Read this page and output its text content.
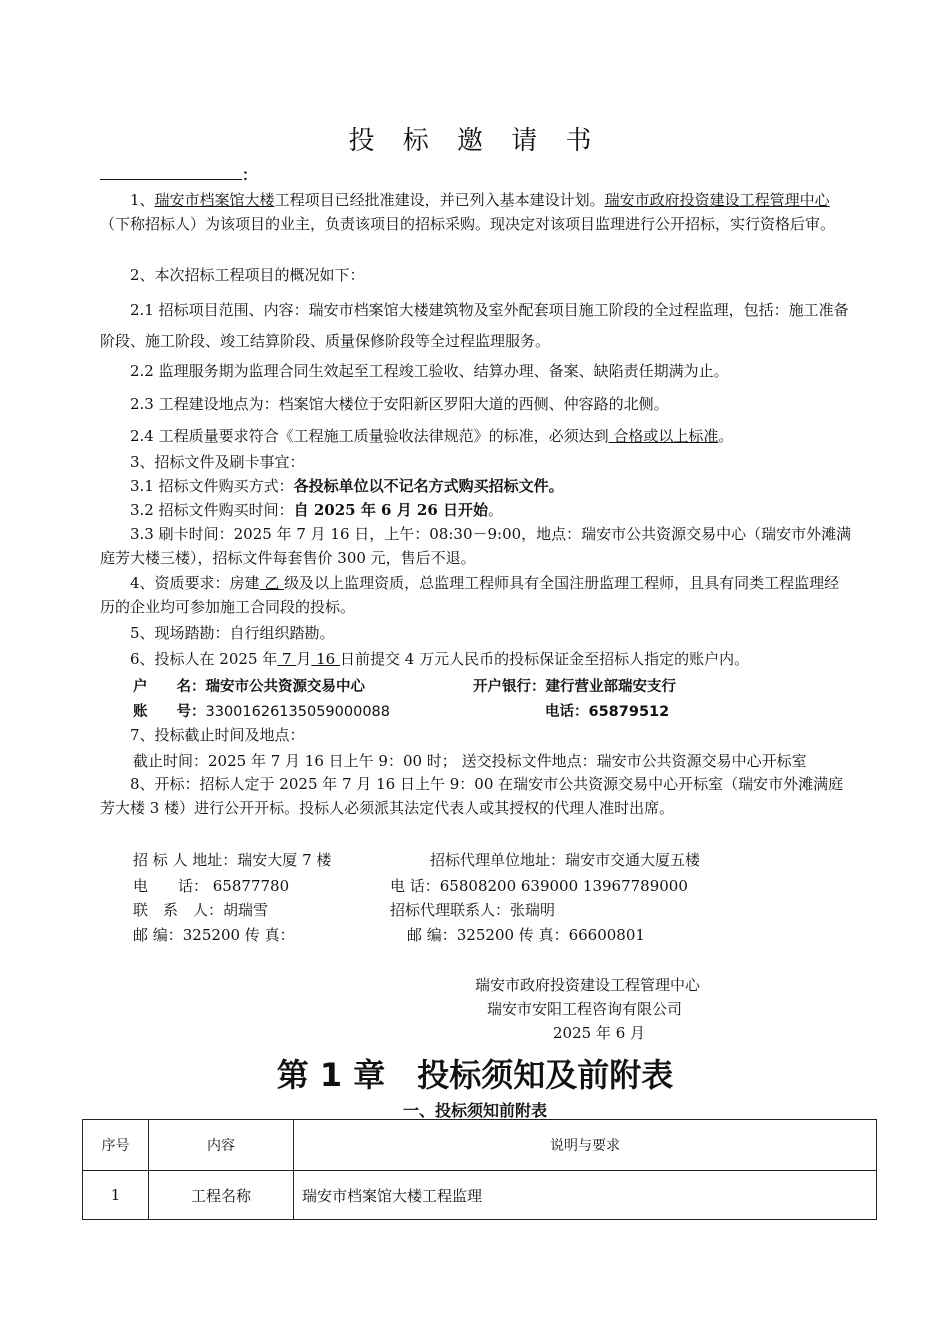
投 标 邀 请 书
：
1、瑞安市档案馆大楼工程项目已经批准建设，并已列入基本建设计划。瑞安市政府投资建设工程管理中心（下称招标人）为该项目的业主，负责该项目的招标采购。现决定对该项目监理进行公开招标，实行资格后审。
2、本次招标工程项目的概况如下：
2.1 招标项目范围、内容：瑞安市档案馆大楼建筑物及室外配套项目施工阶段的全过程监理，包括：施工准备阶段、施工阶段、竣工结算阶段、质量保修阶段等全过程监理服务。
2.2 监理服务期为监理合同生效起至工程竣工验收、结算办理、备案、缺陷责任期满为止。
2.3 工程建设地点为：档案馆大楼位于安阳新区罗阳大道的西侧、仲容路的北侧。
2.4 工程质量要求符合《工程施工质量验收法律规范》的标准，必须达到 合格或以上标准。
3、招标文件及刷卡事宜：
3.1 招标文件购买方式：各投标单位以不记名方式购买招标文件。
3.2 招标文件购买时间：自 2025 年 6 月 26 日开始。
3.3 刷卡时间：2025 年 7 月 16 日，上午：08:30－9:00，地点：瑞安市公共资源交易中心（瑞安市外滩满庭芳大楼三楼），招标文件每套售价 300 元，售后不退。
4、资质要求：房建 乙 级及以上监理资质，总监理工程师具有全国注册监理工程师，且具有同类工程监理经历的企业均可参加施工合同段的投标。
5、现场踏勘：自行组织踏勘。
6、投标人在 2025 年 7 月 16 日前提交 4 万元人民币的投标保证金至招标人指定的账户内。
户　　名：瑞安市公共资源交易中心	开户银行：建行营业部瑞安支行
账　　号：33001626135059000088	电话：65879512
7、投标截止时间及地点：
截止时间：2025 年 7 月 16 日上午 9：00 时； 送交投标文件地点：瑞安市公共资源交易中心开标室
8、开标：招标人定于 2025 年 7 月 16 日上午 9：00 在瑞安市公共资源交易中心开标室（瑞安市外滩满庭芳大楼 3 楼）进行公开开标。投标人必须派其法定代表人或其授权的代理人准时出席。
招 标 人 地址：瑞安大厦 7 楼	招标代理单位地址：瑞安市交通大厦五楼
电　　话： 65877780	电 话：65808200 639000 13967789000
联　系　人：胡瑞雪	招标代理联系人：张瑞明
邮 编：325200 传 真：	邮 编：325200 传 真：66600801
瑞安市政府投资建设工程管理中心
瑞安市安阳工程咨询有限公司
2025 年 6 月
第 1 章　投标须知及前附表
一、投标须知前附表
序号	内容	说明与要求
1	工程名称	瑞安市档案馆大楼工程监理
